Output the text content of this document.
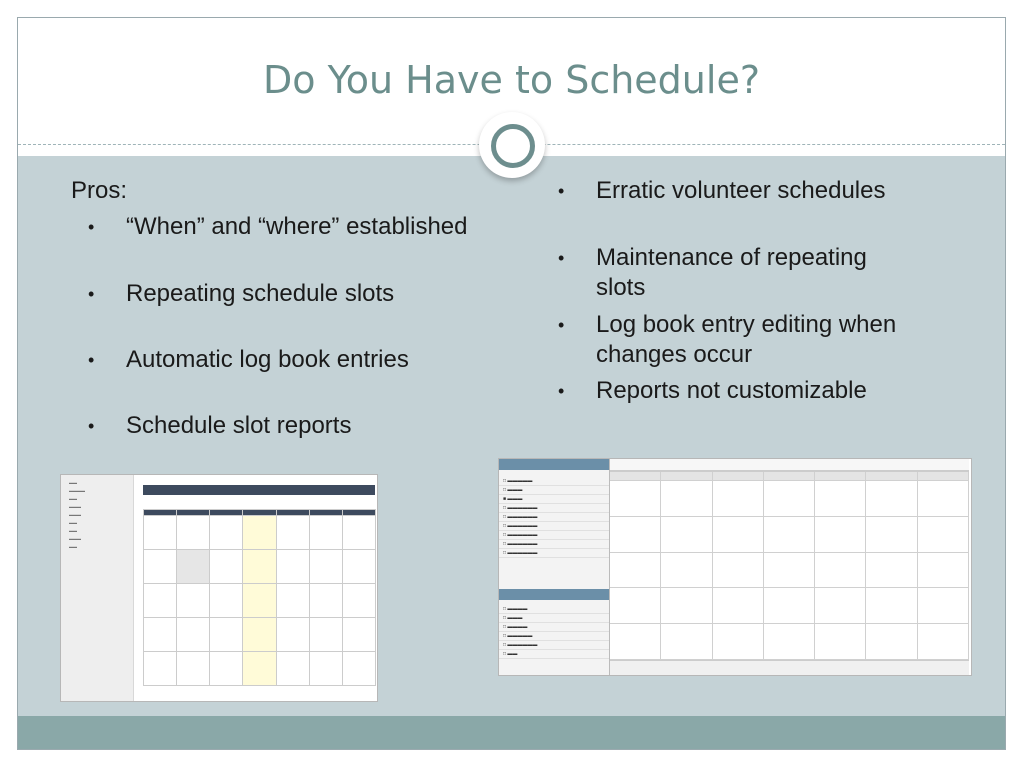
Do You Have to Schedule?
Pros:
• “When” and “where” established
• Repeating schedule slots
• Automatic log book entries
• Schedule slot reports
• Erratic volunteer schedules
• Maintenance of repeating slots
• Log book entry editing when changes occur
• Reports not customizable
▬▬
▬▬▬▬
▬▬
▬▬▬
▬▬▬
▬▬
▬▬
▬▬▬
▬▬
□ ▬▬▬▬▬
□ ▬▬▬
■ ▬▬▬
□ ▬▬▬▬▬▬
□ ▬▬▬▬▬▬
□ ▬▬▬▬▬▬
□ ▬▬▬▬▬▬
□ ▬▬▬▬▬▬
□ ▬▬▬▬▬▬
□ ▬▬▬▬
□ ▬▬▬
□ ▬▬▬▬
□ ▬▬▬▬▬
□ ▬▬▬▬▬▬
□ ▬▬
